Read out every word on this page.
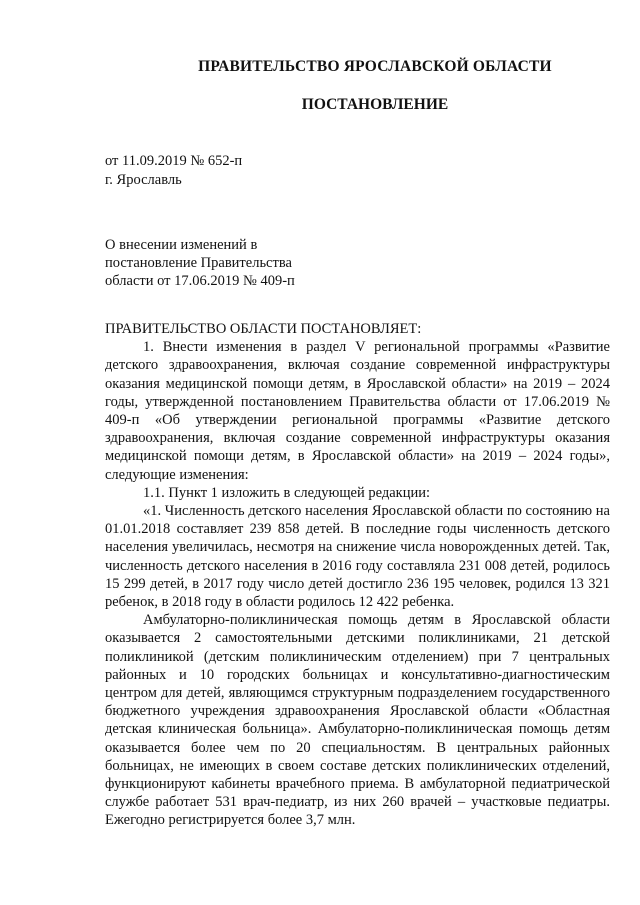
ПРАВИТЕЛЬСТВО ЯРОСЛАВСКОЙ ОБЛАСТИ
ПОСТАНОВЛЕНИЕ
от 11.09.2019 № 652-п
г. Ярославль
О внесении изменений в
постановление Правительства
области от 17.06.2019 № 409-п

ПРАВИТЕЛЬСТВО ОБЛАСТИ ПОСТАНОВЛЯЕТ:

1. Внести изменения в раздел V региональной программы «Развитие детского здравоохранения, включая создание современной инфраструктуры оказания медицинской помощи детям, в Ярославской области» на 2019 – 2024 годы, утвержденной постановлением Правительства области от 17.06.2019 № 409-п «Об утверждении региональной программы «Развитие детского здравоохранения, включая создание современной инфраструктуры оказания медицинской помощи детям, в Ярославской области» на 2019 – 2024 годы», следующие изменения:

1.1. Пункт 1 изложить в следующей редакции:

«1. Численность детского населения Ярославской области по состоянию на 01.01.2018 составляет 239 858 детей. В последние годы численность детского населения увеличилась, несмотря на снижение числа новорожденных детей. Так, численность детского населения в 2016 году составляла 231 008 детей, родилось 15 299 детей, в 2017 году число детей достигло 236 195 человек, родился 13 321 ребенок, в 2018 году в области родилось 12 422 ребенка.

Амбулаторно-поликлиническая помощь детям в Ярославской области оказывается 2 самостоятельными детскими поликлиниками, 21 детской поликлиникой (детским поликлиническим отделением) при 7 центральных районных и 10 городских больницах и консультативно-диагностическим центром для детей, являющимся структурным подразделением государственного бюджетного учреждения здравоохранения Ярославской области «Областная детская клиническая больница». Амбулаторно-поликлиническая помощь детям оказывается более чем по 20 специальностям. В центральных районных больницах, не имеющих в своем составе детских поликлинических отделений, функционируют кабинеты врачебного приема. В амбулаторной педиатрической службе работает 531 врач-педиатр, из них 260 врачей – участковые педиатры. Ежегодно регистрируется более 3,7 млн.
